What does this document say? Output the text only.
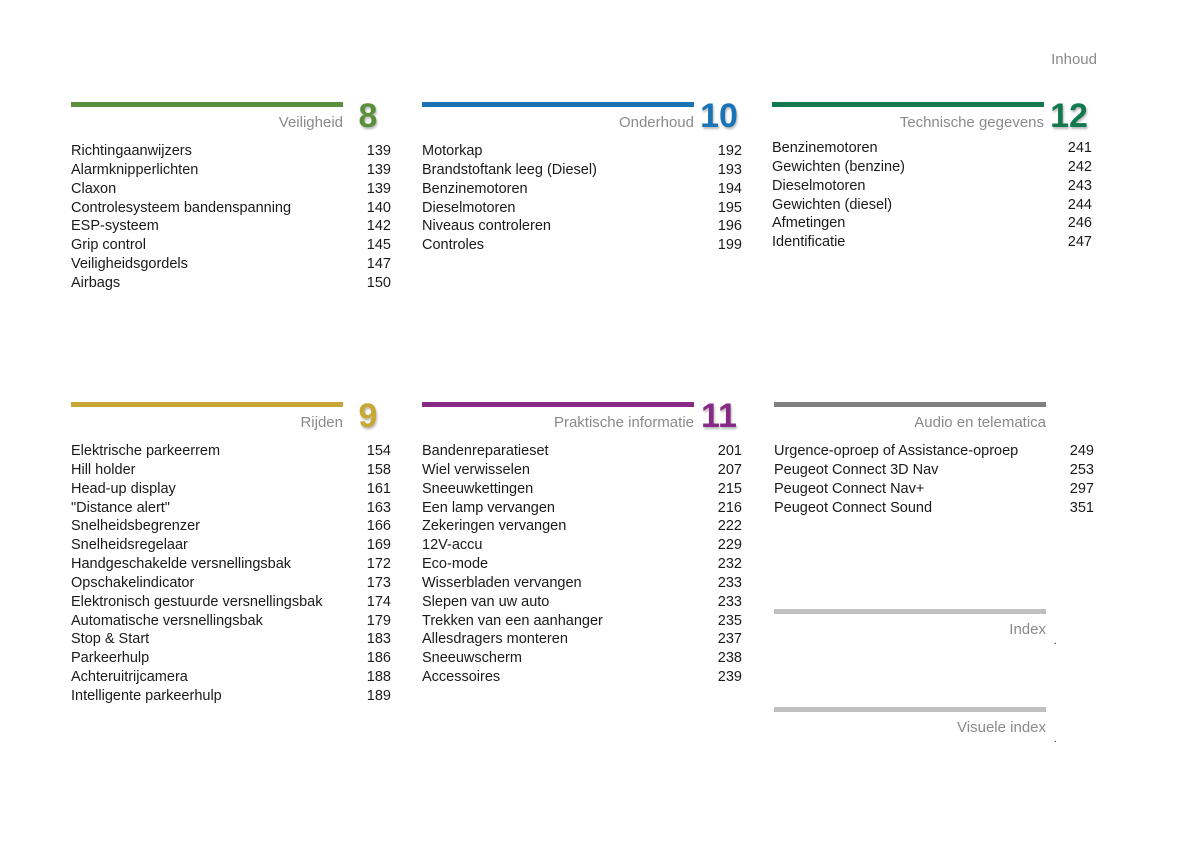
Inhoud
Veiligheid 8
Richtingaanwijzers	139
Alarmknipperlichten	139
Claxon	139
Controlesysteem bandenspanning	140
ESP-systeem	142
Grip control	145
Veiligheidsgordels	147
Airbags	150
Onderhoud 10
Motorkap	192
Brandstoftank leeg (Diesel)	193
Benzinemotoren	194
Dieselmotoren	195
Niveaus controleren	196
Controles	199
Technische gegevens 12
Benzinemotoren	241
Gewichten (benzine)	242
Dieselmotoren	243
Gewichten (diesel)	244
Afmetingen	246
Identificatie	247
Rijden 9
Elektrische parkeerrem	154
Hill holder	158
Head-up display	161
"Distance alert"	163
Snelheidsbegrenzer	166
Snelheidsregelaar	169
Handgeschakelde versnellingsbak	172
Opschakelindicator	173
Elektronisch gestuurde versnellingsbak	174
Automatische versnellingsbak	179
Stop & Start	183
Parkeerhulp	186
Achteruitrijcamera	188
Intelligente parkeerhulp	189
Praktische informatie 11
Bandenreparatieset	201
Wiel verwisselen	207
Sneeuwkettingen	215
Een lamp vervangen	216
Zekeringen vervangen	222
12V-accu	229
Eco-mode	232
Wisserbladen vervangen	233
Slepen van uw auto	233
Trekken van een aanhanger	235
Allesdragers monteren	237
Sneeuwscherm	238
Accessoires	239
Audio en telematica
Urgence-oproep of Assistance-oproep	249
Peugeot Connect 3D Nav	253
Peugeot Connect Nav+	297
Peugeot Connect Sound	351
Index
.
Visuele index
.
